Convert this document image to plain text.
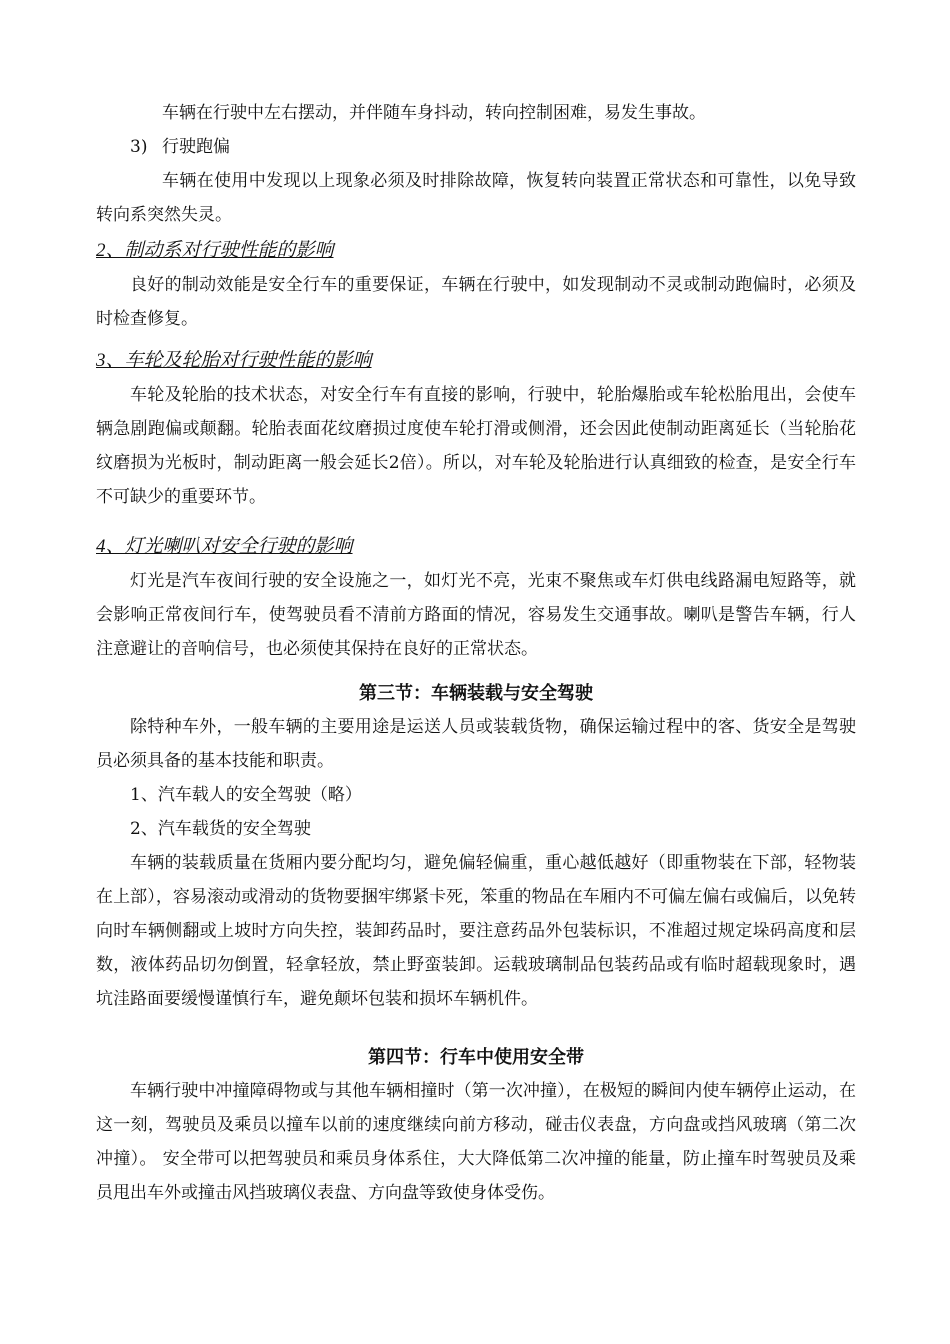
车辆在行驶中左右摆动，并伴随车身抖动，转向控制困难，易发生事故。

3) 行驶跑偏

车辆在使用中发现以上现象必须及时排除故障，恢复转向装置正常状态和可靠性，以免导致转向系突然失灵。

2、制动系对行驶性能的影响

良好的制动效能是安全行车的重要保证，车辆在行驶中，如发现制动不灵或制动跑偏时，必须及时检查修复。

3、车轮及轮胎对行驶性能的影响

车轮及轮胎的技术状态，对安全行车有直接的影响，行驶中，轮胎爆胎或车轮松胎甩出，会使车辆急剧跑偏或颠翻。轮胎表面花纹磨损过度使车轮打滑或侧滑，还会因此使制动距离延长（当轮胎花纹磨损为光板时，制动距离一般会延长2倍）。所以，对车轮及轮胎进行认真细致的检查，是安全行车不可缺少的重要环节。

4、灯光喇叭对安全行驶的影响

灯光是汽车夜间行驶的安全设施之一，如灯光不亮，光束不聚焦或车灯供电线路漏电短路等，就会影响正常夜间行车，使驾驶员看不清前方路面的情况，容易发生交通事故。喇叭是警告车辆，行人注意避让的音响信号，也必须使其保持在良好的正常状态。

第三节：车辆装载与安全驾驶

除特种车外，一般车辆的主要用途是运送人员或装载货物，确保运输过程中的客、货安全是驾驶员必须具备的基本技能和职责。

1、汽车载人的安全驾驶（略）

2、汽车载货的安全驾驶

车辆的装载质量在货厢内要分配均匀，避免偏轻偏重，重心越低越好（即重物装在下部，轻物装在上部），容易滚动或滑动的货物要捆牢绑紧卡死，笨重的物品在车厢内不可偏左偏右或偏后，以免转向时车辆侧翻或上坡时方向失控，装卸药品时，要注意药品外包装标识，不准超过规定垛码高度和层数，液体药品切勿倒置，轻拿轻放，禁止野蛮装卸。运载玻璃制品包装药品或有临时超载现象时，遇坑洼路面要缓慢谨慎行车，避免颠坏包装和损坏车辆机件。

第四节：行车中使用安全带

车辆行驶中冲撞障碍物或与其他车辆相撞时（第一次冲撞），在极短的瞬间内使车辆停止运动，在这一刻，驾驶员及乘员以撞车以前的速度继续向前方移动，碰击仪表盘，方向盘或挡风玻璃（第二次冲撞）。 安全带可以把驾驶员和乘员身体系住，大大降低第二次冲撞的能量，防止撞车时驾驶员及乘员甩出车外或撞击风挡玻璃仪表盘、方向盘等致使身体受伤。
